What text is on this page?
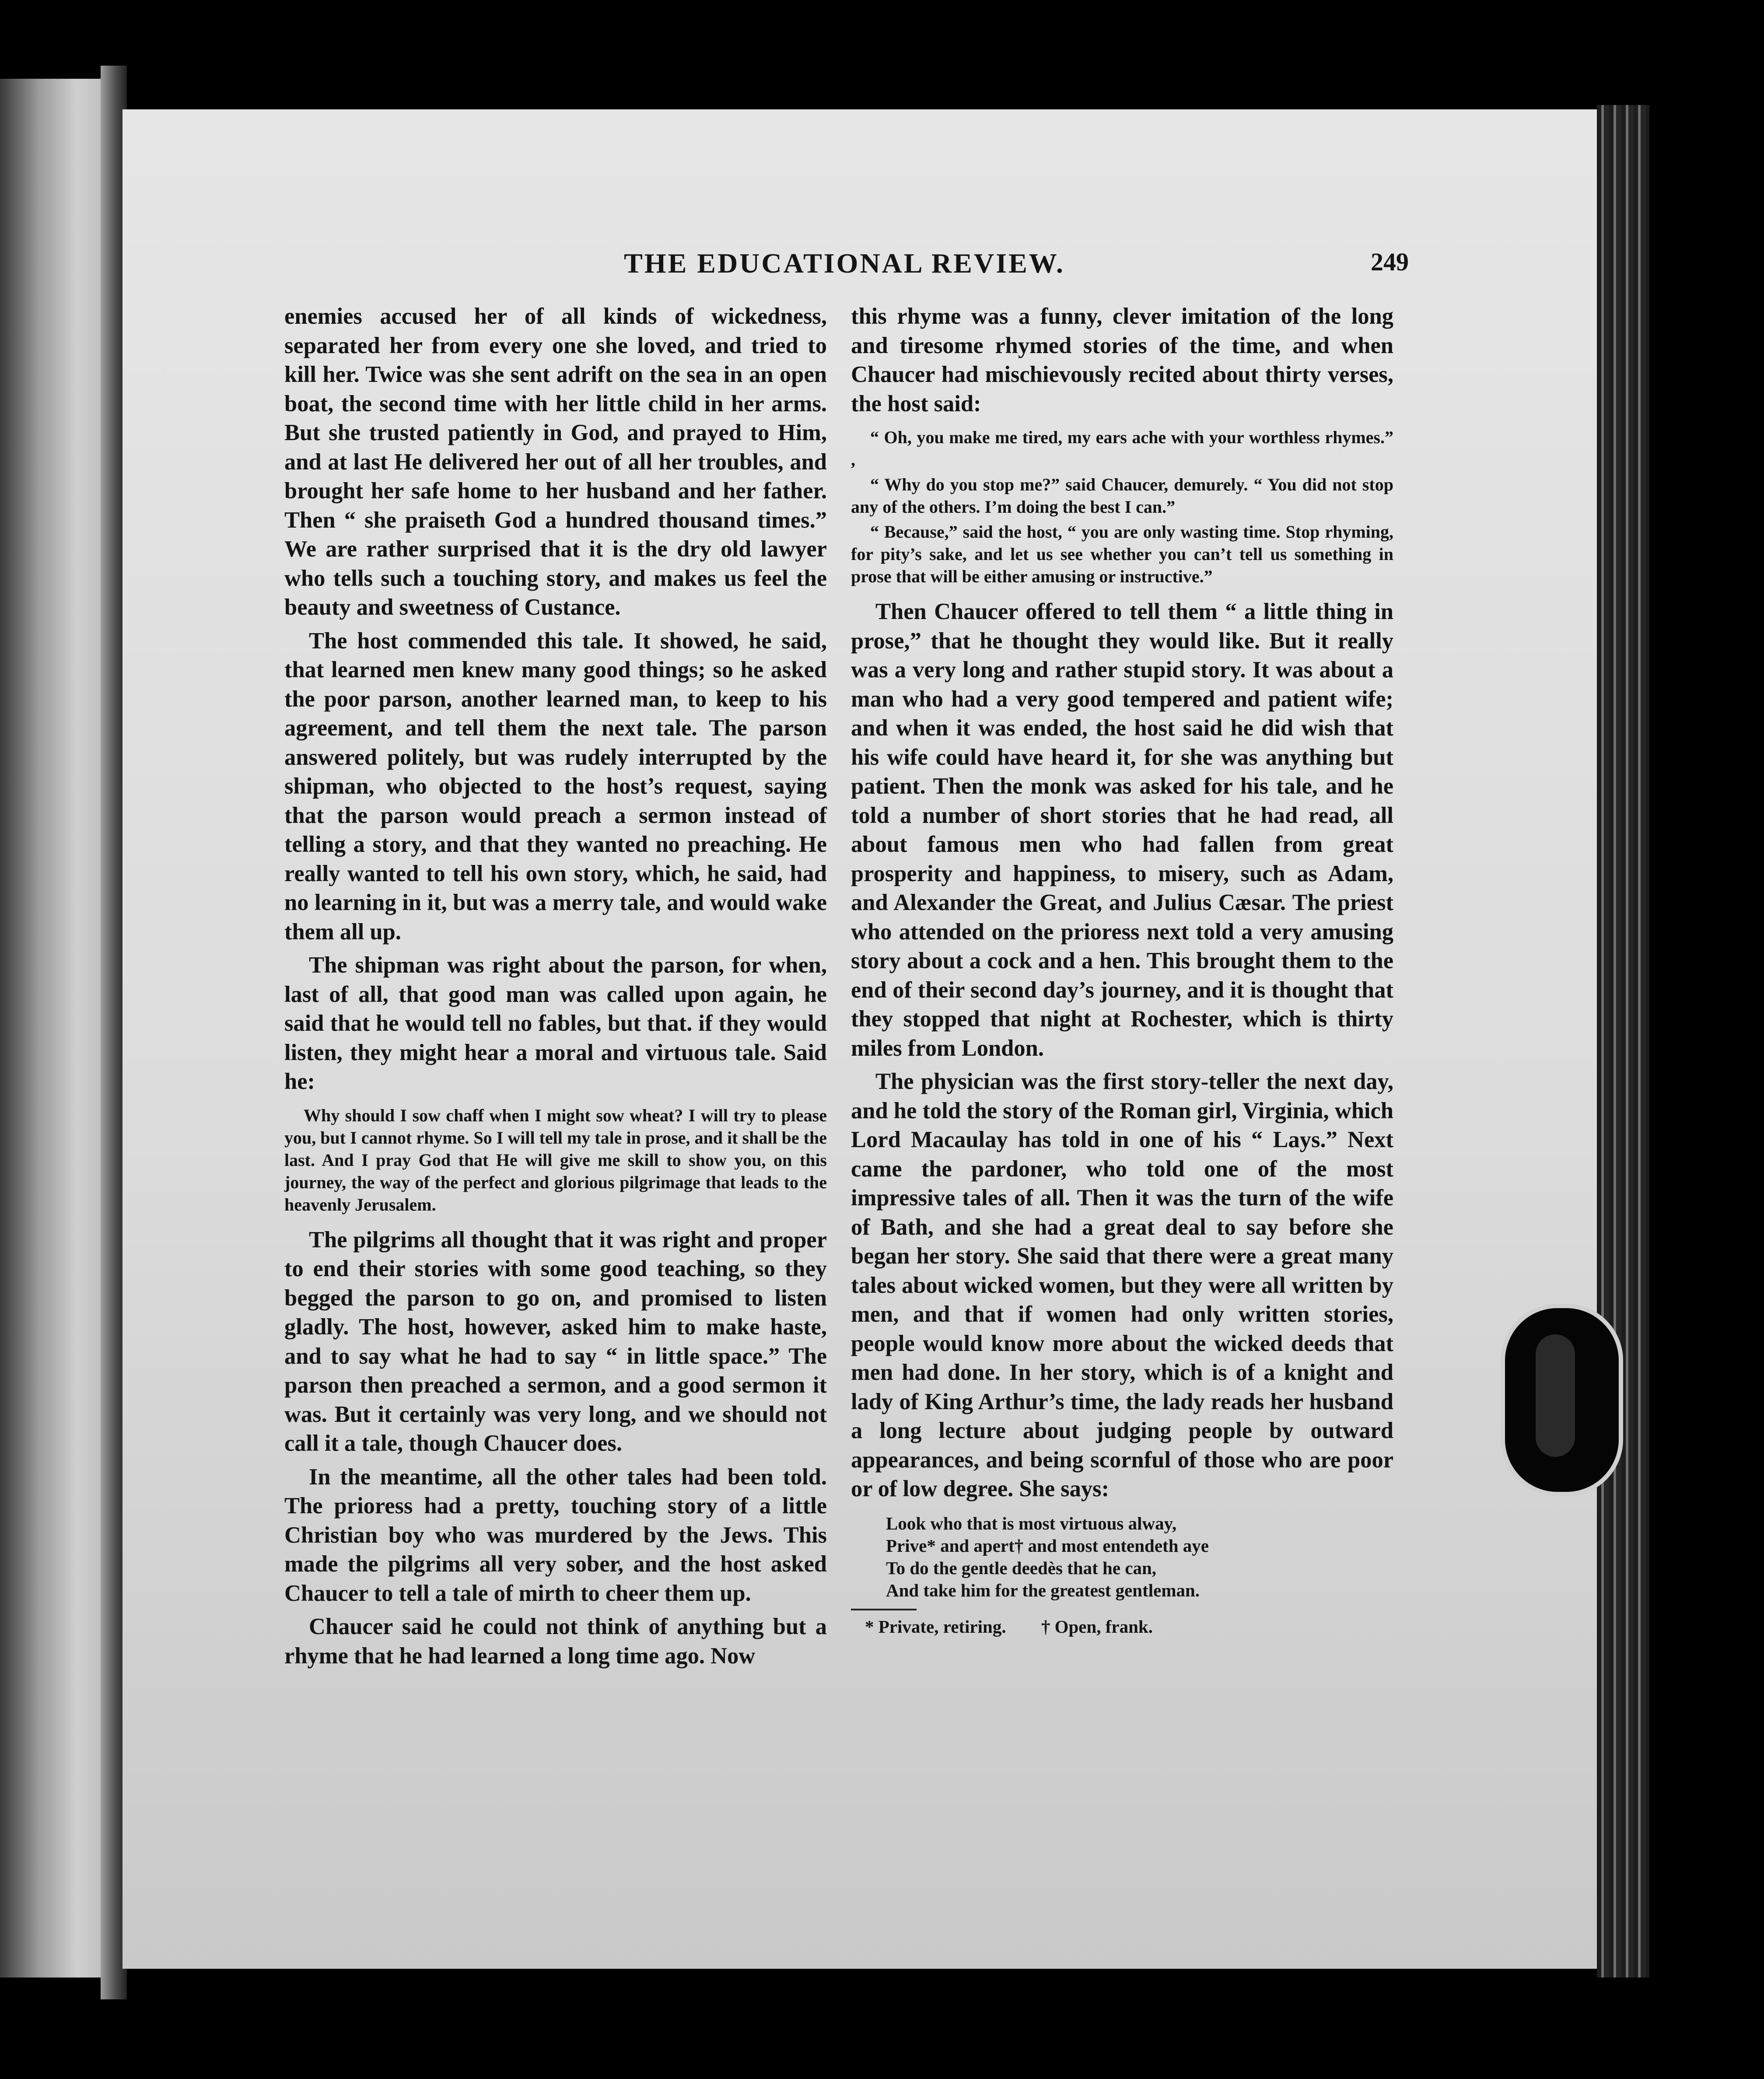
THE EDUCATIONAL REVIEW.	249

enemies accused her of all kinds of wickedness, separated her from every one she loved, and tried to kill her. Twice was she sent adrift on the sea in an open boat, the second time with her little child in her arms. But she trusted patiently in God, and prayed to Him, and at last He delivered her out of all her troubles, and brought her safe home to her husband and her father. Then “ she praiseth God a hundred thousand times.” We are rather surprised that it is the dry old lawyer who tells such a touching story, and makes us feel the beauty and sweetness of Custance.

The host commended this tale. It showed, he said, that learned men knew many good things; so he asked the poor parson, another learned man, to keep to his agreement, and tell them the next tale. The parson answered politely, but was rudely interrupted by the shipman, who objected to the host’s request, saying that the parson would preach a sermon instead of telling a story, and that they wanted no preaching. He really wanted to tell his own story, which, he said, had no learning in it, but was a merry tale, and would wake them all up.

The shipman was right about the parson, for when, last of all, that good man was called upon again, he said that he would tell no fables, but that. if they would listen, they might hear a moral and virtuous tale. Said he:

Why should I sow chaff when I might sow wheat? I will try to please you, but I cannot rhyme. So I will tell my tale in prose, and it shall be the last. And I pray God that He will give me skill to show you, on this journey, the way of the perfect and glorious pilgrimage that leads to the heavenly Jerusalem.

The pilgrims all thought that it was right and proper to end their stories with some good teaching, so they begged the parson to go on, and promised to listen gladly. The host, however, asked him to make haste, and to say what he had to say “ in little space.” The parson then preached a sermon, and a good sermon it was. But it certainly was very long, and we should not call it a tale, though Chaucer does.

In the meantime, all the other tales had been told. The prioress had a pretty, touching story of a little Christian boy who was murdered by the Jews. This made the pilgrims all very sober, and the host asked Chaucer to tell a tale of mirth to cheer them up.

Chaucer said he could not think of anything but a rhyme that he had learned a long time ago. Now

this rhyme was a funny, clever imitation of the long and tiresome rhymed stories of the time, and when Chaucer had mischievously recited about thirty verses, the host said:

“ Oh, you make me tired, my ears ache with your worthless rhymes.” ,

“ Why do you stop me?” said Chaucer, demurely. “ You did not stop any of the others. I’m doing the best I can.”

“ Because,” said the host, “ you are only wasting time. Stop rhyming, for pity’s sake, and let us see whether you can’t tell us something in prose that will be either amusing or instructive.”

Then Chaucer offered to tell them “ a little thing in prose,” that he thought they would like. But it really was a very long and rather stupid story. It was about a man who had a very good tempered and patient wife; and when it was ended, the host said he did wish that his wife could have heard it, for she was anything but patient. Then the monk was asked for his tale, and he told a number of short stories that he had read, all about famous men who had fallen from great prosperity and happiness, to misery, such as Adam, and Alexander the Great, and Julius Cæsar. The priest who attended on the prioress next told a very amusing story about a cock and a hen. This brought them to the end of their second day’s journey, and it is thought that they stopped that night at Rochester, which is thirty miles from London.

The physician was the first story-teller the next day, and he told the story of the Roman girl, Virginia, which Lord Macaulay has told in one of his “ Lays.” Next came the pardoner, who told one of the most impressive tales of all. Then it was the turn of the wife of Bath, and she had a great deal to say before she began her story. She said that there were a great many tales about wicked women, but they were all written by men, and that if women had only written stories, people would know more about the wicked deeds that men had done. In her story, which is of a knight and lady of King Arthur’s time, the lady reads her husband a long lecture about judging people by outward appearances, and being scornful of those who are poor or of low degree. She says:

Look who that is most virtuous alway,
Prive* and apert† and most entendeth aye
To do the gentle deedès that he can,
And take him for the greatest gentleman.
* Private, retiring. † Open, frank.
